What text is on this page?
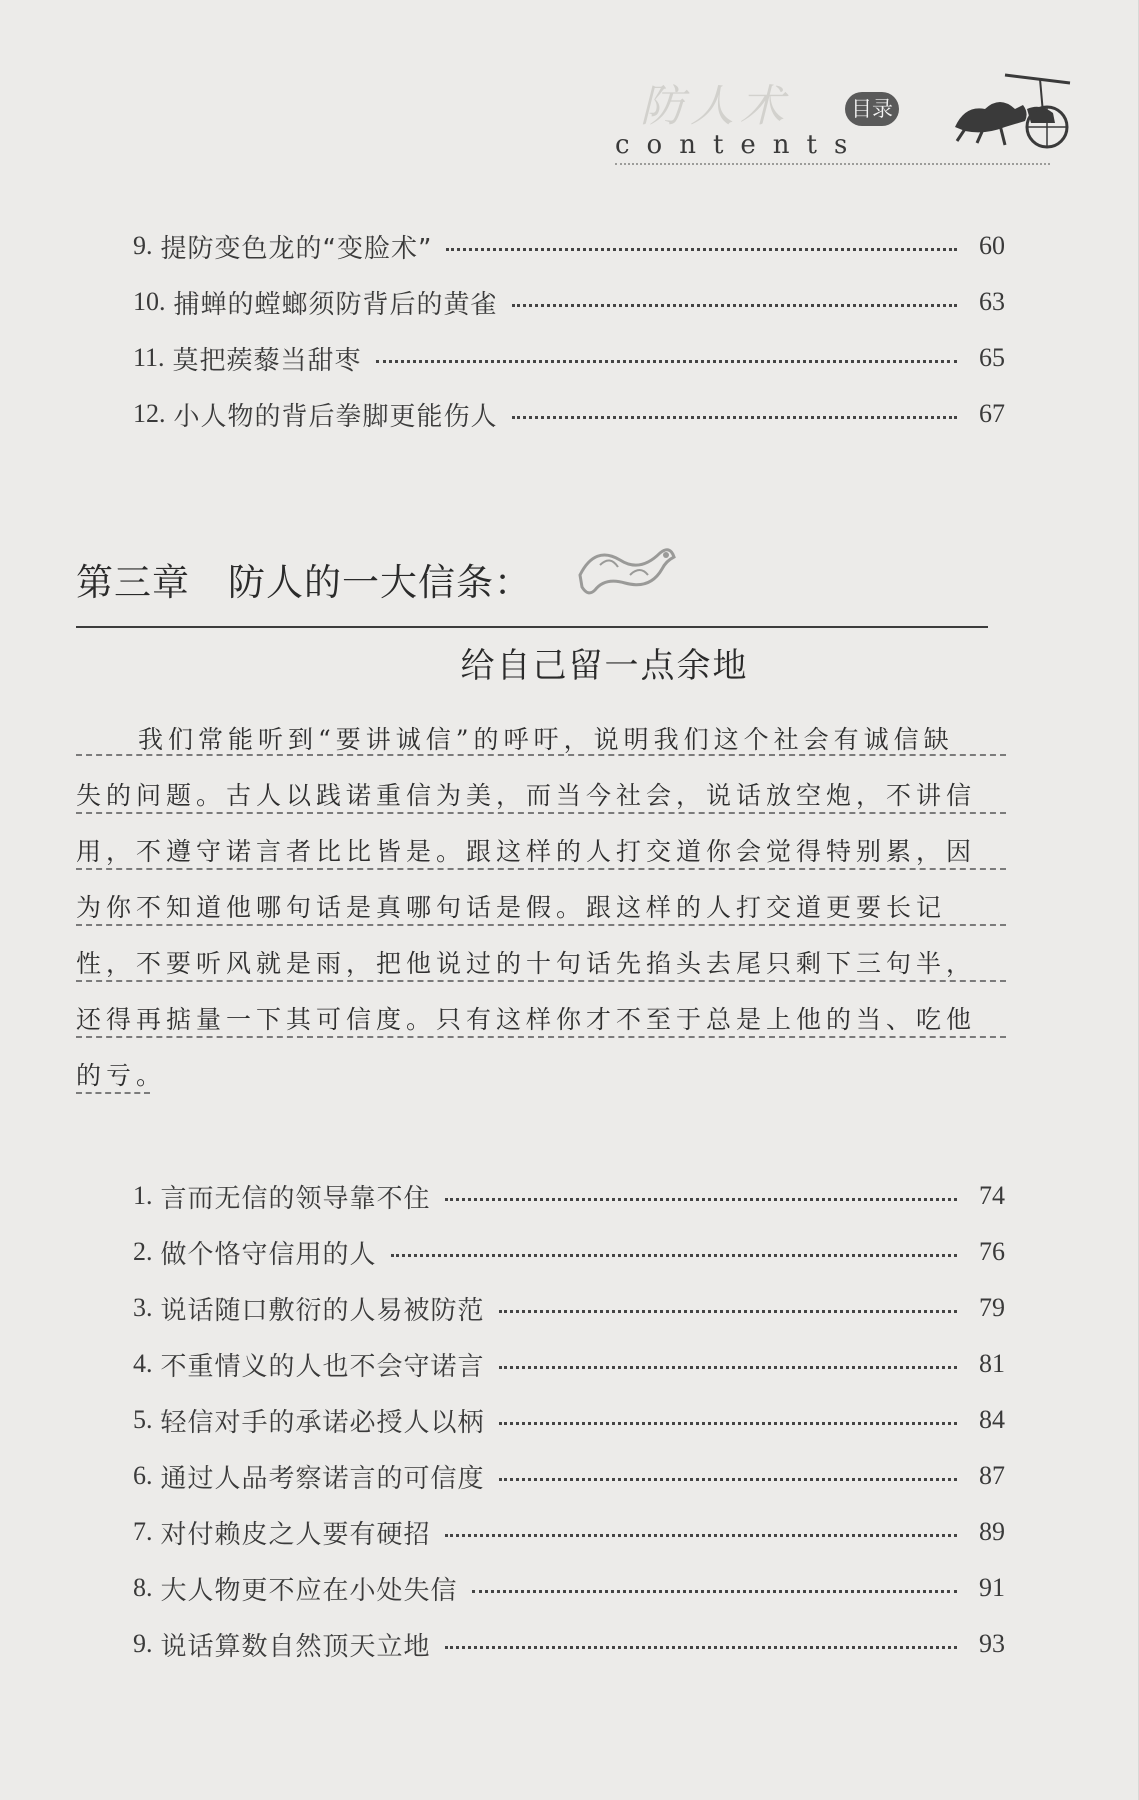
防人术	目录
contents
9. 提防变色龙的“变脸术”	60
10. 捕蝉的螳螂须防背后的黄雀	63
11. 莫把蒺藜当甜枣	65
12. 小人物的背后拳脚更能伤人	67
第三章　防人的一大信条：
给自己留一点余地
我们常能听到“要讲诚信”的呼吁，说明我们这个社会有诚信缺
失的问题。古人以践诺重信为美，而当今社会，说话放空炮，不讲信
用，不遵守诺言者比比皆是。跟这样的人打交道你会觉得特别累，因
为你不知道他哪句话是真哪句话是假。跟这样的人打交道更要长记
性，不要听风就是雨，把他说过的十句话先掐头去尾只剩下三句半，
还得再掂量一下其可信度。只有这样你才不至于总是上他的当、吃他
的亏。
1. 言而无信的领导靠不住	74
2. 做个恪守信用的人	76
3. 说话随口敷衍的人易被防范	79
4. 不重情义的人也不会守诺言	81
5. 轻信对手的承诺必授人以柄	84
6. 通过人品考察诺言的可信度	87
7. 对付赖皮之人要有硬招	89
8. 大人物更不应在小处失信	91
9. 说话算数自然顶天立地	93
